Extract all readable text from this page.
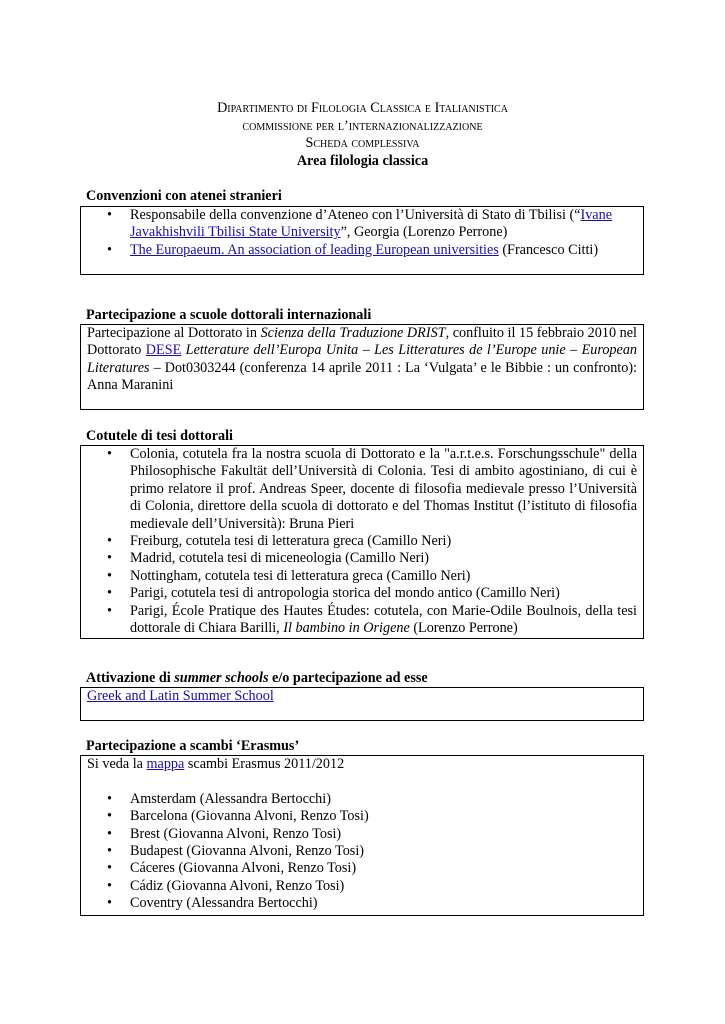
Dipartimento di Filologia Classica e Italianistica
commissione per l’internazionalizzazione
Scheda complessiva
Area filologia classica
Convenzioni con atenei stranieri
• Responsabile della convenzione d’Ateneo con l’Università di Stato di Tbilisi (“Ivane Javakhishvili Tbilisi State University”, Georgia (Lorenzo Perrone)
• The Europaeum. An association of leading European universities (Francesco Citti)
Partecipazione a scuole dottorali internazionali
Partecipazione al Dottorato in Scienza della Traduzione DRIST, confluito il 15 febbraio 2010 nel Dottorato DESE Letterature dell’Europa Unita – Les Litteratures de l’Europe unie – European Literatures – Dot0303244 (conferenza 14 aprile 2011 : La ‘Vulgata’ e le Bibbie : un confronto): Anna Maranini
Cotutele di tesi dottorali
• Colonia, cotutela fra la nostra scuola di Dottorato e la "a.r.t.e.s. Forschungsschule" della Philosophische Fakultät dell’Università di Colonia. Tesi di ambito agostiniano, di cui è primo relatore il prof. Andreas Speer, docente di filosofia medievale presso l’Università di Colonia, direttore della scuola di dottorato e del Thomas Institut (l’istituto di filosofia medievale dell’Università): Bruna Pieri
• Freiburg, cotutela tesi di letteratura greca (Camillo Neri)
• Madrid, cotutela tesi di miceneologia (Camillo Neri)
• Nottingham, cotutela tesi di letteratura greca (Camillo Neri)
• Parigi, cotutela tesi di antropologia storica del mondo antico (Camillo Neri)
• Parigi, École Pratique des Hautes Études: cotutela, con Marie-Odile Boulnois, della tesi dottorale di Chiara Barilli, Il bambino in Origene (Lorenzo Perrone)
Attivazione di summer schools e/o partecipazione ad esse
Greek and Latin Summer School
Partecipazione a scambi ‘Erasmus’
Si veda la mappa scambi Erasmus 2011/2012
• Amsterdam (Alessandra Bertocchi)
• Barcelona (Giovanna Alvoni, Renzo Tosi)
• Brest (Giovanna Alvoni, Renzo Tosi)
• Budapest (Giovanna Alvoni, Renzo Tosi)
• Cáceres (Giovanna Alvoni, Renzo Tosi)
• Cádiz (Giovanna Alvoni, Renzo Tosi)
• Coventry (Alessandra Bertocchi)
